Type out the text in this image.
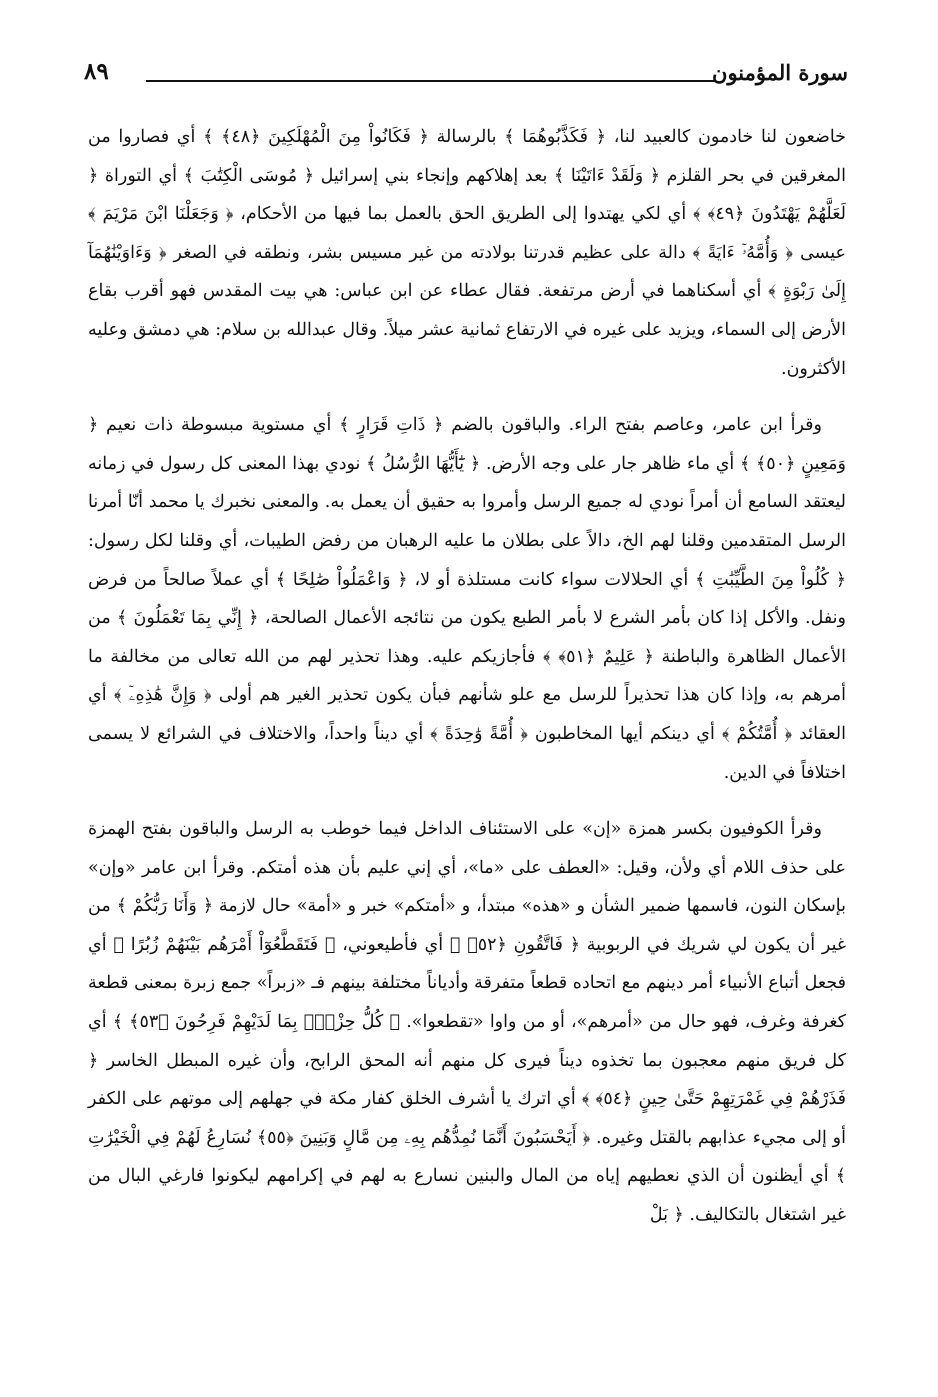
سورة المؤمنون
٨٩

خاضعون لنا خادمون كالعبيد لنا، ﴿ فَكَذَّبُوهُمَا ﴾ بالرسالة ﴿ فَكَانُواْ مِنَ الْمُهْلَكِينَ ﴿٤٨﴾ ﴾ أي فصاروا من المغرقين في بحر القلزم ﴿ وَلَقَدْ ءَاتَيْنَا ﴾ بعد إهلاكهم وإنجاء بني إسرائيل ﴿ مُوسَى الْكِتَٰبَ ﴾ أي التوراة ﴿ لَعَلَّهُمْ يَهْتَدُونَ ﴿٤٩﴾ ﴾ أي لكي يهتدوا إلى الطريق الحق بالعمل بما فيها من الأحكام، ﴿ وَجَعَلْنَا ابْنَ مَرْيَمَ ﴾ عيسى ﴿ وَأُمَّهُۥٓ ءَايَةً ﴾ دالة على عظيم قدرتنا بولادته من غير مسيس بشر، ونطقه في الصغر ﴿ وَءَاوَيْنَٰهُمَآ إِلَىٰ رَبْوَةٍ ﴾ أي أسكناهما في أرض مرتفعة. فقال عطاء عن ابن عباس: هي بيت المقدس فهو أقرب بقاع الأرض إلى السماء، ويزيد على غيره في الارتفاع ثمانية عشر ميلاً. وقال عبدالله بن سلام: هي دمشق وعليه الأكثرون.

وقرأ ابن عامر، وعاصم بفتح الراء. والباقون بالضم ﴿ ذَاتِ قَرَارٍ ﴾ أي مستوية مبسوطة ذات نعيم ﴿ وَمَعِينٍ ﴿٥٠﴾ ﴾ أي ماء ظاهر جار على وجه الأرض. ﴿ يَٰٓأَيُّهَا الرُّسُلُ ﴾ نودي بهذا المعنى كل رسول في زمانه ليعتقد السامع أن أمراً نودي له جميع الرسل وأمروا به حقيق أن يعمل به. والمعنى نخبرك يا محمد أنّا أمرنا الرسل المتقدمين وقلنا لهم الخ، دالاً على بطلان ما عليه الرهبان من رفض الطيبات، أي وقلنا لكل رسول: ﴿ كُلُواْ مِنَ الطَّيِّبَٰتِ ﴾ أي الحلالات سواء كانت مستلذة أو لا، ﴿ وَاعْمَلُواْ صَٰلِحًا ﴾ أي عملاً صالحاً من فرض ونفل. والأكل إذا كان بأمر الشرع لا بأمر الطبع يكون من نتائجه الأعمال الصالحة، ﴿ إِنِّي بِمَا تَعْمَلُونَ ﴾ من الأعمال الظاهرة والباطنة ﴿ عَلِيمٌ ﴿٥١﴾ ﴾ فأجازيكم عليه. وهذا تحذير لهم من الله تعالى من مخالفة ما أمرهم به، وإذا كان هذا تحذيراً للرسل مع علو شأنهم فبأن يكون تحذير الغير هم أولى ﴿ وَإِنَّ هَٰذِهِۦٓ ﴾ أي العقائد ﴿ أُمَّتُكُمْ ﴾ أي دينكم أيها المخاطبون ﴿ أُمَّةً وَٰحِدَةً ﴾ أي ديناً واحداً، والاختلاف في الشرائع لا يسمى اختلافاً في الدين.

وقرأ الكوفيون بكسر همزة «إن» على الاستئناف الداخل فيما خوطب به الرسل والباقون بفتح الهمزة على حذف اللام أي ولأن، وقيل: «العطف على «ما»، أي إني عليم بأن هذه أمتكم. وقرأ ابن عامر «وإن» بإسكان النون، فاسمها ضمير الشأن و «هذه» مبتدأ، و «أمتكم» خبر و «أمة» حال لازمة ﴿ وَأَنَا رَبُّكُمْ ﴾ من غير أن يكون لي شريك في الربوبية ﴿ فَاتَّقُونِ ﴿٥٢﴾ ﴾ أي فأطيعوني، ﴿ فَتَقَطَّعُوٓاْ أَمْرَهُم بَيْنَهُمْ زُبُرًا ﴾ أي فجعل أتباع الأنبياء أمر دينهم مع اتحاده قطعاً متفرقة وأدياناً مختلفة بينهم فـ «زبراً» جمع زبرة بمعنى قطعة كغرفة وغرف، فهو حال من «أمرهم»، أو من واوا «تقطعوا». ﴿ كُلُّ حِزْبٍۭ بِمَا لَدَيْهِمْ فَرِحُونَ ﴿٥٣﴾ ﴾ أي كل فريق منهم معجبون بما تخذوه ديناً فيرى كل منهم أنه المحق الرابح، وأن غيره المبطل الخاسر ﴿ فَذَرْهُمْ فِي غَمْرَتِهِمْ حَتَّىٰ حِينٍ ﴿٥٤﴾ ﴾ أي اترك يا أشرف الخلق كفار مكة في جهلهم إلى موتهم على الكفر أو إلى مجيء عذابهم بالقتل وغيره. ﴿ أَيَحْسَبُونَ أَنَّمَا نُمِدُّهُم بِهِۦ مِن مَّالٍ وَبَنِينَ ﴿٥٥﴾ نُسَارِعُ لَهُمْ فِي الْخَيْرَٰتِ ﴾ أي أيظنون أن الذي نعطيهم إياه من المال والبنين نسارع به لهم في إكرامهم ليكونوا فارغي البال من غير اشتغال بالتكاليف. ﴿ بَلْ
